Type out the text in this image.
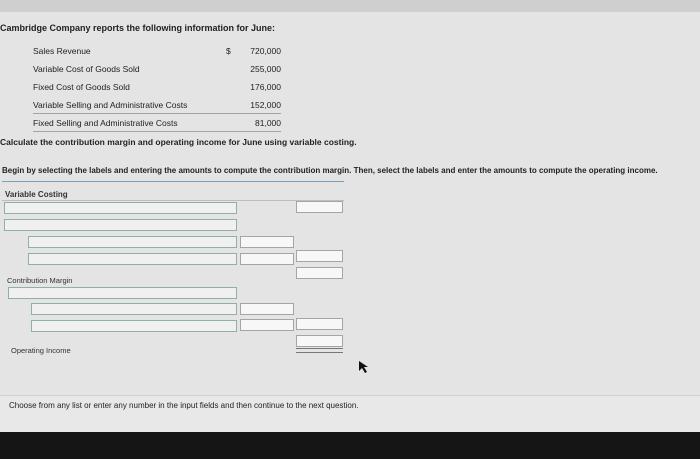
Cambridge Company reports the following information for June:
Sales Revenue	$ 720,000
Variable Cost of Goods Sold	255,000
Fixed Cost of Goods Sold	176,000
Variable Selling and Administrative Costs	152,000
Fixed Selling and Administrative Costs	81,000
Calculate the contribution margin and operating income for June using variable costing.
Begin by selecting the labels and entering the amounts to compute the contribution margin. Then, select the labels and enter the amounts to compute the operating income.
Variable Costing
Contribution Margin
Operating Income
Choose from any list or enter any number in the input fields and then continue to the next question.
